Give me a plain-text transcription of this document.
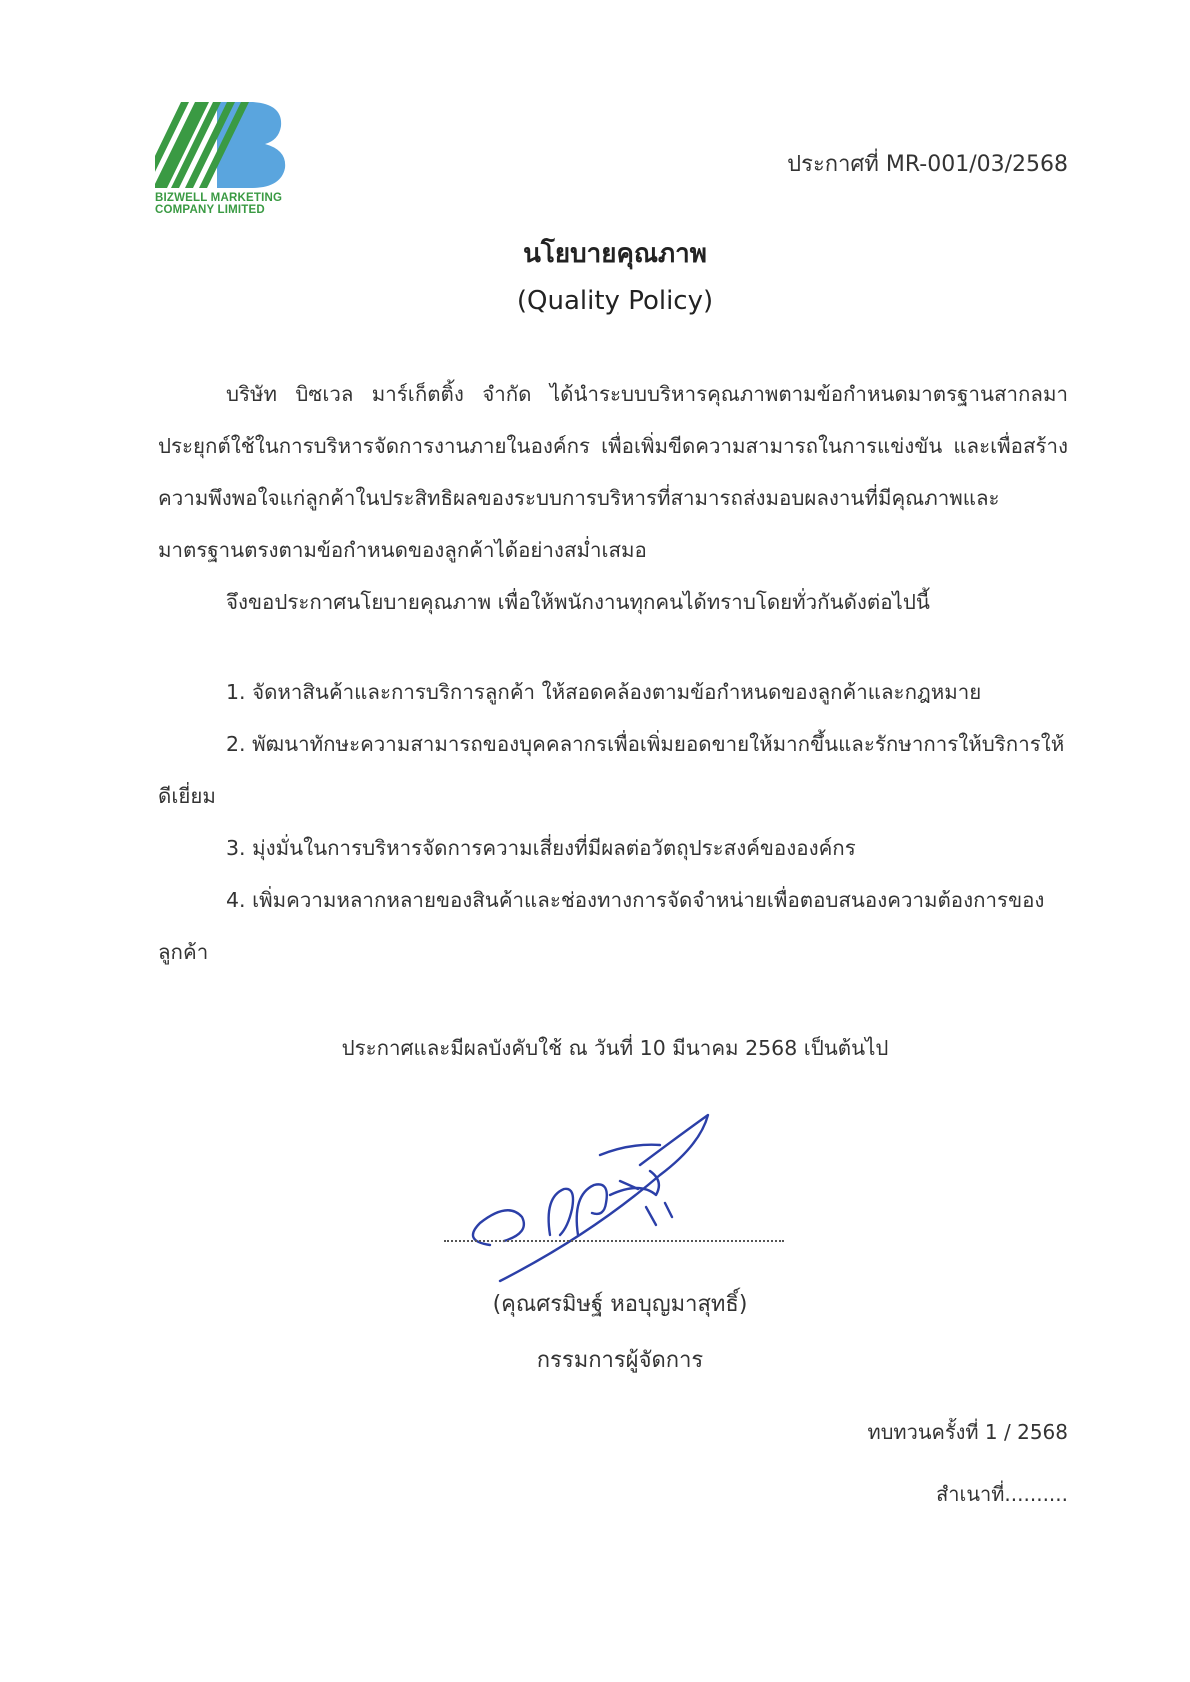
BIZWELL MARKETING
COMPANY LIMITED
ประกาศที่ MR-001/03/2568
นโยบายคุณภาพ
(Quality Policy)
บริษัท บิซเวล มาร์เก็ตติ้ง จำกัด ได้นำระบบบริหารคุณภาพตามข้อกำหนดมาตรฐานสากลมาประยุกต์ใช้ในการบริหารจัดการงานภายในองค์กร เพื่อเพิ่มขีดความสามารถในการแข่งขัน และเพื่อสร้างความพึงพอใจแก่ลูกค้าในประสิทธิผลของระบบการบริหารที่สามารถส่งมอบผลงานที่มีคุณภาพและมาตรฐานตรงตามข้อกำหนดของลูกค้าได้อย่างสม่ำเสมอ
จึงขอประกาศนโยบายคุณภาพ เพื่อให้พนักงานทุกคนได้ทราบโดยทั่วกันดังต่อไปนี้
1. จัดหาสินค้าและการบริการลูกค้า ให้สอดคล้องตามข้อกำหนดของลูกค้าและกฎหมาย
2. พัฒนาทักษะความสามารถของบุคคลากรเพื่อเพิ่มยอดขายให้มากขึ้นและรักษาการให้บริการให้ดีเยี่ยม
3. มุ่งมั่นในการบริหารจัดการความเสี่ยงที่มีผลต่อวัตถุประสงค์ขององค์กร
4. เพิ่มความหลากหลายของสินค้าและช่องทางการจัดจำหน่ายเพื่อตอบสนองความต้องการของลูกค้า
ประกาศและมีผลบังคับใช้ ณ วันที่ 10 มีนาคม 2568 เป็นต้นไป
(คุณศรมิษฐ์ หอบุญมาสุทธิ์)
กรรมการผู้จัดการ
ทบทวนครั้งที่ 1 / 2568
สำเนาที่..........
